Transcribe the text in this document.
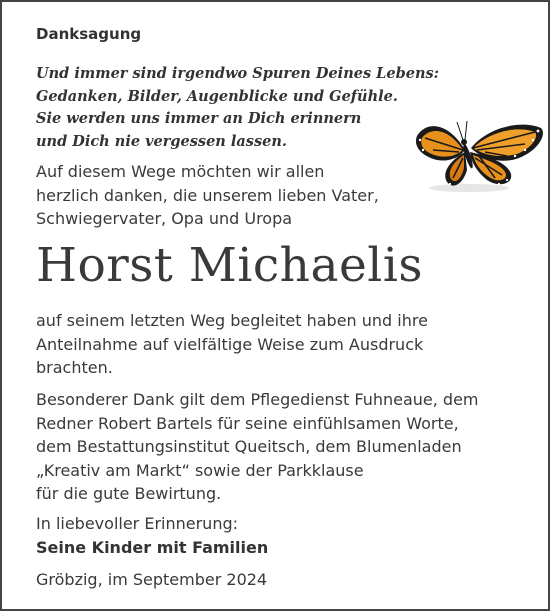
Danksagung
Und immer sind irgendwo Spuren Deines Lebens:
Gedanken, Bilder, Augenblicke und Gefühle.
Sie werden uns immer an Dich erinnern
und Dich nie vergessen lassen.
Auf diesem Wege möchten wir allen
herzlich danken, die unserem lieben Vater,
Schwiegervater, Opa und Uropa
Horst Michaelis
auf seinem letzten Weg begleitet haben und ihre
Anteilnahme auf vielfältige Weise zum Ausdruck
brachten.
Besonderer Dank gilt dem Pflegedienst Fuhneaue, dem
Redner Robert Bartels für seine einfühlsamen Worte,
dem Bestattungsinstitut Queitsch, dem Blumenladen
„Kreativ am Markt“ sowie der Parkklause
für die gute Bewirtung.
In liebevoller Erinnerung:
Seine Kinder mit Familien
Gröbzig, im September 2024
